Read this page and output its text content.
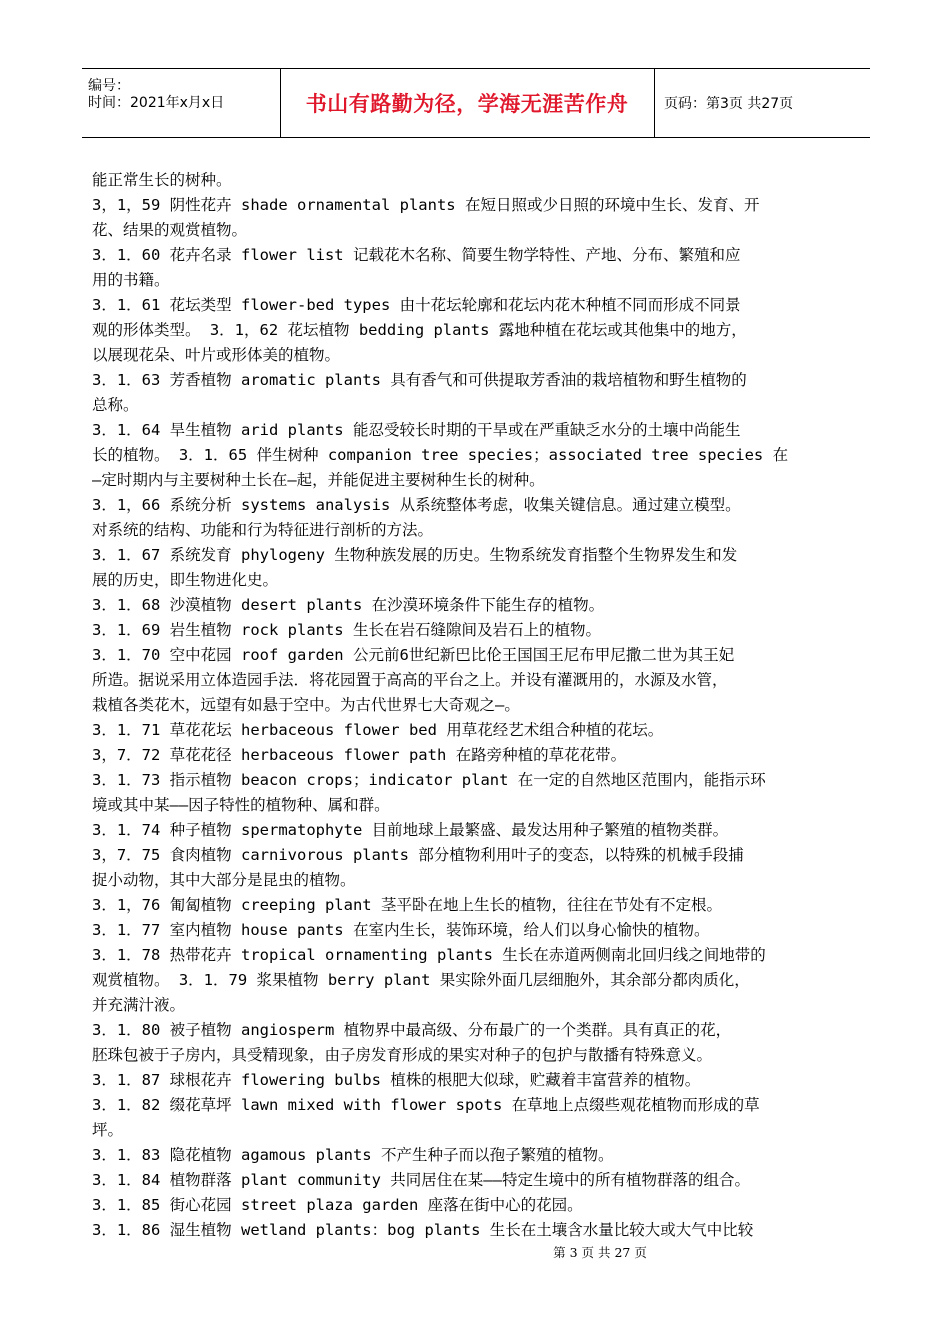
编号：
时间：2021年x月x日	书山有路勤为径，学海无涯苦作舟	页码：第3页 共27页
能正常生长的树种。
3，1，59 阴性花卉 shade ornamental plants 在短日照或少日照的环境中生长、发育、开
花、结果的观赏植物。
3．1．60 花卉名录 flower list 记载花木名称、简要生物学特性、产地、分布、繁殖和应
用的书籍。
3．1．61 花坛类型 flower-bed types 由十花坛轮廓和花坛内花木种植不同而形成不同景
观的形体类型。 3．1，62 花坛植物 bedding plants 露地种植在花坛或其他集中的地方，
以展现花朵、叶片或形体美的植物。
3．1．63 芳香植物 aromatic plants 具有香气和可供提取芳香油的栽培植物和野生植物的
总称。
3．1．64 旱生植物 arid plants 能忍受较长时期的干旱或在严重缺乏水分的土壤中尚能生
长的植物。 3．1．65 伴生树种 companion tree species；associated tree species 在
—定时期内与主要树种土长在—起，并能促进主要树种生长的树种。
3．1，66 系统分析 systems analysis 从系统整体考虑，收集关键信息。通过建立模型。
对系统的结构、功能和行为特征进行剖析的方法。
3．1．67 系统发育 phylogeny 生物种族发展的历史。生物系统发育指整个生物界发生和发
展的历史，即生物进化史。
3．1．68 沙漠植物 desert plants 在沙漠环境条件下能生存的植物。
3．1．69 岩生植物 rock plants 生长在岩石缝隙间及岩石上的植物。
3．1．70 空中花园 roof garden 公元前6世纪新巴比伦王国国王尼布甲尼撒二世为其王妃
所造。据说采用立体造园手法．将花园置于高高的平台之上。并设有灌溉用的，水源及水管，
栽植各类花木，远望有如悬于空中。为古代世界七大奇观之—。
3．1．71 草花花坛 herbaceous flower bed 用草花经艺术组合种植的花坛。
3，7．72 草花花径 herbaceous flower path 在路旁种植的草花花带。
3．1．73 指示植物 beacon crops；indicator plant 在一定的自然地区范围内，能指示环
境或其中某——因子特性的植物种、属和群。
3．1．74 种子植物 spermatophyte 目前地球上最繁盛、最发达用种子繁殖的植物类群。
3，7．75 食肉植物 carnivorous plants 部分植物利用叶子的变态，以特殊的机械手段捕
捉小动物，其中大部分是昆虫的植物。
3．1，76 匍匐植物 creeping plant 茎平卧在地上生长的植物，往往在节处有不定根。
3．1．77 室内植物 house pants 在室内生长，装饰环境，给人们以身心愉快的植物。
3．1．78 热带花卉 tropical ornamenting plants 生长在赤道两侧南北回归线之间地带的
观赏植物。 3．1．79 浆果植物 berry plant 果实除外面几层细胞外，其余部分都肉质化，
并充满汁液。
3．1．80 被子植物 angiosperm 植物界中最高级、分布最广的一个类群。具有真正的花，
胚珠包被于子房内，具受精现象，由子房发育形成的果实对种子的包护与散播有特殊意义。
3．1．87 球根花卉 flowering bulbs 植株的根肥大似球，贮藏着丰富营养的植物。
3．1．82 缀花草坪 lawn mixed with flower spots 在草地上点缀些观花植物而形成的草
坪。
3．1．83 隐花植物 agamous plants 不产生种子而以孢子繁殖的植物。
3．1．84 植物群落 plant community 共同居住在某——特定生境中的所有植物群落的组合。
3．1．85 街心花园 street plaza garden 座落在街中心的花园。
3．1．86 湿生植物 wetland plants：bog plants 生长在土壤含水量比较大或大气中比较
第 3 页 共 27 页
